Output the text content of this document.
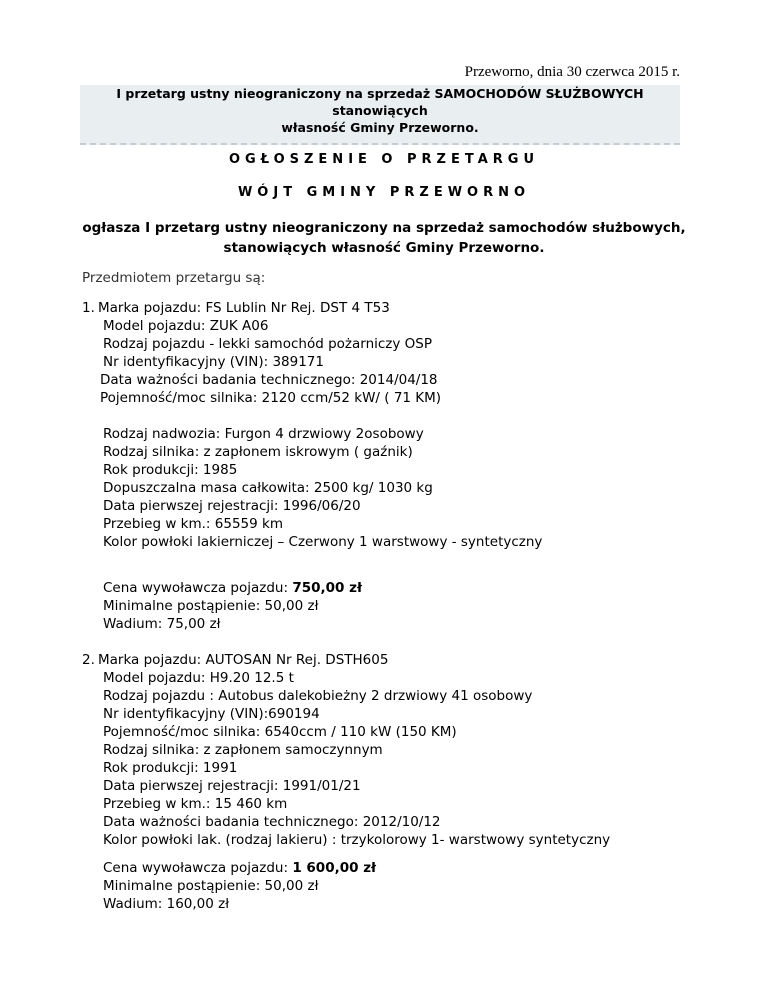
Przeworno, dnia 30 czerwca 2015 r.
I przetarg ustny nieograniczony na sprzedaż SAMOCHODÓW SŁUŻBOWYCH stanowiących
własność Gminy Przeworno.
OGŁOSZENIE O PRZETARGU
WÓJT GMINY PRZEWORNO
ogłasza I przetarg ustny nieograniczony na sprzedaż samochodów służbowych,
stanowiących własność Gminy Przeworno.
Przedmiotem przetargu są:
1. Marka pojazdu: FS Lublin Nr Rej. DST 4 T53
Model pojazdu: ZUK A06
Rodzaj pojazdu - lekki samochód pożarniczy OSP
Nr identyfikacyjny (VIN): 389171
Data ważności badania technicznego: 2014/04/18
Pojemność/moc silnika: 2120 ccm/52 kW/ ( 71 KM)
Rodzaj nadwozia: Furgon 4 drzwiowy 2osobowy
Rodzaj silnika: z zapłonem iskrowym ( gaźnik)
Rok produkcji: 1985
Dopuszczalna masa całkowita: 2500 kg/ 1030 kg
Data pierwszej rejestracji: 1996/06/20
Przebieg w km.: 65559 km
Kolor powłoki lakierniczej – Czerwony 1 warstwowy - syntetyczny
Cena wywoławcza pojazdu: 750,00 zł
Minimalne postąpienie: 50,00 zł
Wadium: 75,00 zł
2. Marka pojazdu: AUTOSAN Nr Rej. DSTH605
Model pojazdu: H9.20 12.5 t
Rodzaj pojazdu : Autobus dalekobieżny 2 drzwiowy 41 osobowy
Nr identyfikacyjny (VIN):690194
Pojemność/moc silnika: 6540ccm / 110 kW (150 KM)
Rodzaj silnika: z zapłonem samoczynnym
Rok produkcji: 1991
Data pierwszej rejestracji: 1991/01/21
Przebieg w km.: 15 460 km
Data ważności badania technicznego: 2012/10/12
Kolor powłoki lak. (rodzaj lakieru) : trzykolorowy 1- warstwowy syntetyczny
Cena wywoławcza pojazdu: 1 600,00 zł
Minimalne postąpienie: 50,00 zł
Wadium: 160,00 zł
